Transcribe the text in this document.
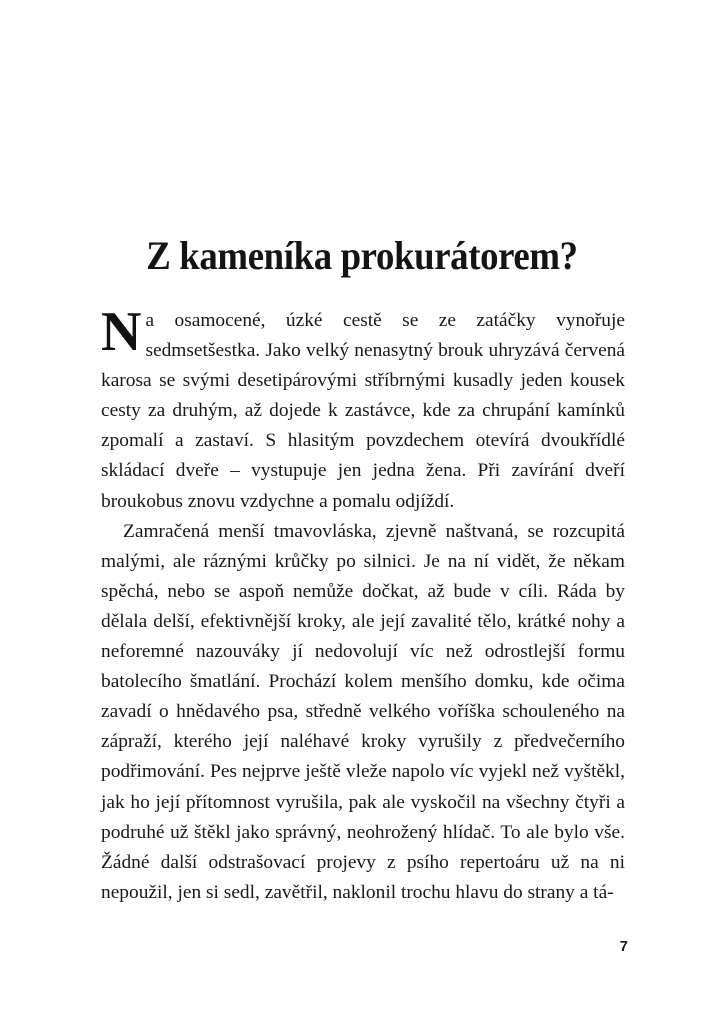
Z kameníka prokurátorem?

Na osamocené, úzké cestě se ze zatáčky vynořuje sedmsetšestka. Jako velký nenasytný brouk uhryzává červená karosa se svými desetipárovými stříbrnými kusadly jeden kousek cesty za druhým, až dojede k zastávce, kde za chrupání kamínků zpomalí a zastaví. S hlasitým povzdechem otevírá dvoukřídlé skládací dveře – vystupuje jen jedna žena. Při zavírání dveří broukobus znovu vzdychne a pomalu odjíždí.

Zamračená menší tmavovláska, zjevně naštvaná, se rozcupitá malými, ale ráznými krůčky po silnici. Je na ní vidět, že někam spěchá, nebo se aspoň nemůže dočkat, až bude v cíli. Ráda by dělala delší, efektivnější kroky, ale její zavalité tělo, krátké nohy a neforemné nazouváky jí nedovolují víc než odrostlejší formu batolecího šmatlání. Prochází kolem menšího domku, kde očima zavadí o hnědavého psa, středně velkého voříška schouleného na zápraží, kterého její naléhavé kroky vyrušily z předvečerního podřimování. Pes nejprve ještě vleže napolo víc vyjekl než vyštěkl, jak ho její přítomnost vyrušila, pak ale vyskočil na všechny čtyři a podruhé už štěkl jako správný, neohrožený hlídač. To ale bylo vše. Žádné další odstrašovací projevy z psího repertoáru už na ni nepoužil, jen si sedl, zavětřil, naklonil trochu hlavu do strany a tá-

7
